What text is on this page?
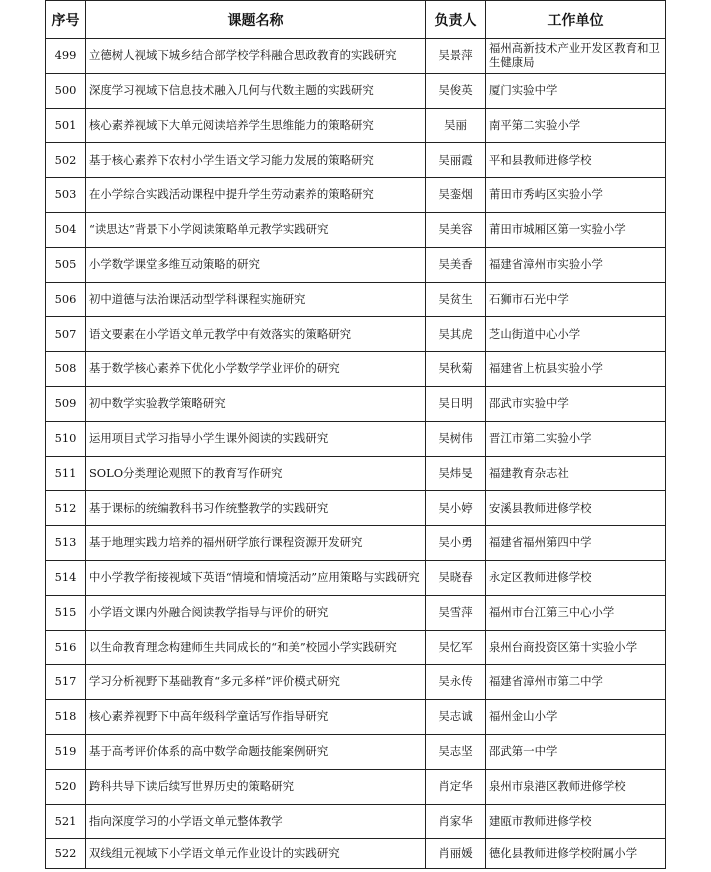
序号	课题名称	负责人	工作单位
499	立德树人视域下城乡结合部学校学科融合思政教育的实践研究	吴景萍	福州高新技术产业开发区教育和卫生健康局
500	深度学习视域下信息技术融入几何与代数主题的实践研究	吴俊英	厦门实验中学
501	核心素养视域下大单元阅读培养学生思维能力的策略研究	吴丽	南平第二实验小学
502	基于核心素养下农村小学生语文学习能力发展的策略研究	吴丽霞	平和县教师进修学校
503	在小学综合实践活动课程中提升学生劳动素养的策略研究	吴銮烟	莆田市秀屿区实验小学
504	“读思达”背景下小学阅读策略单元教学实践研究	吴美容	莆田市城厢区第一实验小学
505	小学数学课堂多维互动策略的研究	吴美香	福建省漳州市实验小学
506	初中道德与法治课活动型学科课程实施研究	吴贫生	石狮市石光中学
507	语文要素在小学语文单元教学中有效落实的策略研究	吴其虎	芝山街道中心小学
508	基于数学核心素养下优化小学数学学业评价的研究	吴秋菊	福建省上杭县实验小学
509	初中数学实验教学策略研究	吴日明	邵武市实验中学
510	运用项目式学习指导小学生课外阅读的实践研究	吴树伟	晋江市第二实验小学
511	SOLO分类理论观照下的教育写作研究	吴炜旻	福建教育杂志社
512	基于课标的统编教科书习作统整教学的实践研究	吴小婷	安溪县教师进修学校
513	基于地理实践力培养的福州研学旅行课程资源开发研究	吴小勇	福建省福州第四中学
514	中小学教学衔接视域下英语“情境和情境活动”应用策略与实践研究	吴晓春	永定区教师进修学校
515	小学语文课内外融合阅读教学指导与评价的研究	吴雪萍	福州市台江第三中心小学
516	以生命教育理念构建师生共同成长的“和美”校园小学实践研究	吴忆军	泉州台商投资区第十实验小学
517	学习分析视野下基础教育“多元多样”评价模式研究	吴永传	福建省漳州市第二中学
518	核心素养视野下中高年级科学童话写作指导研究	吴志诚	福州金山小学
519	基于高考评价体系的高中数学命题技能案例研究	吴志坚	邵武第一中学
520	跨科共导下读后续写世界历史的策略研究	肖定华	泉州市泉港区教师进修学校
521	指向深度学习的小学语文单元整体教学	肖家华	建瓯市教师进修学校
522	双线组元视域下小学语文单元作业设计的实践研究	肖丽媛	德化县教师进修学校附属小学
